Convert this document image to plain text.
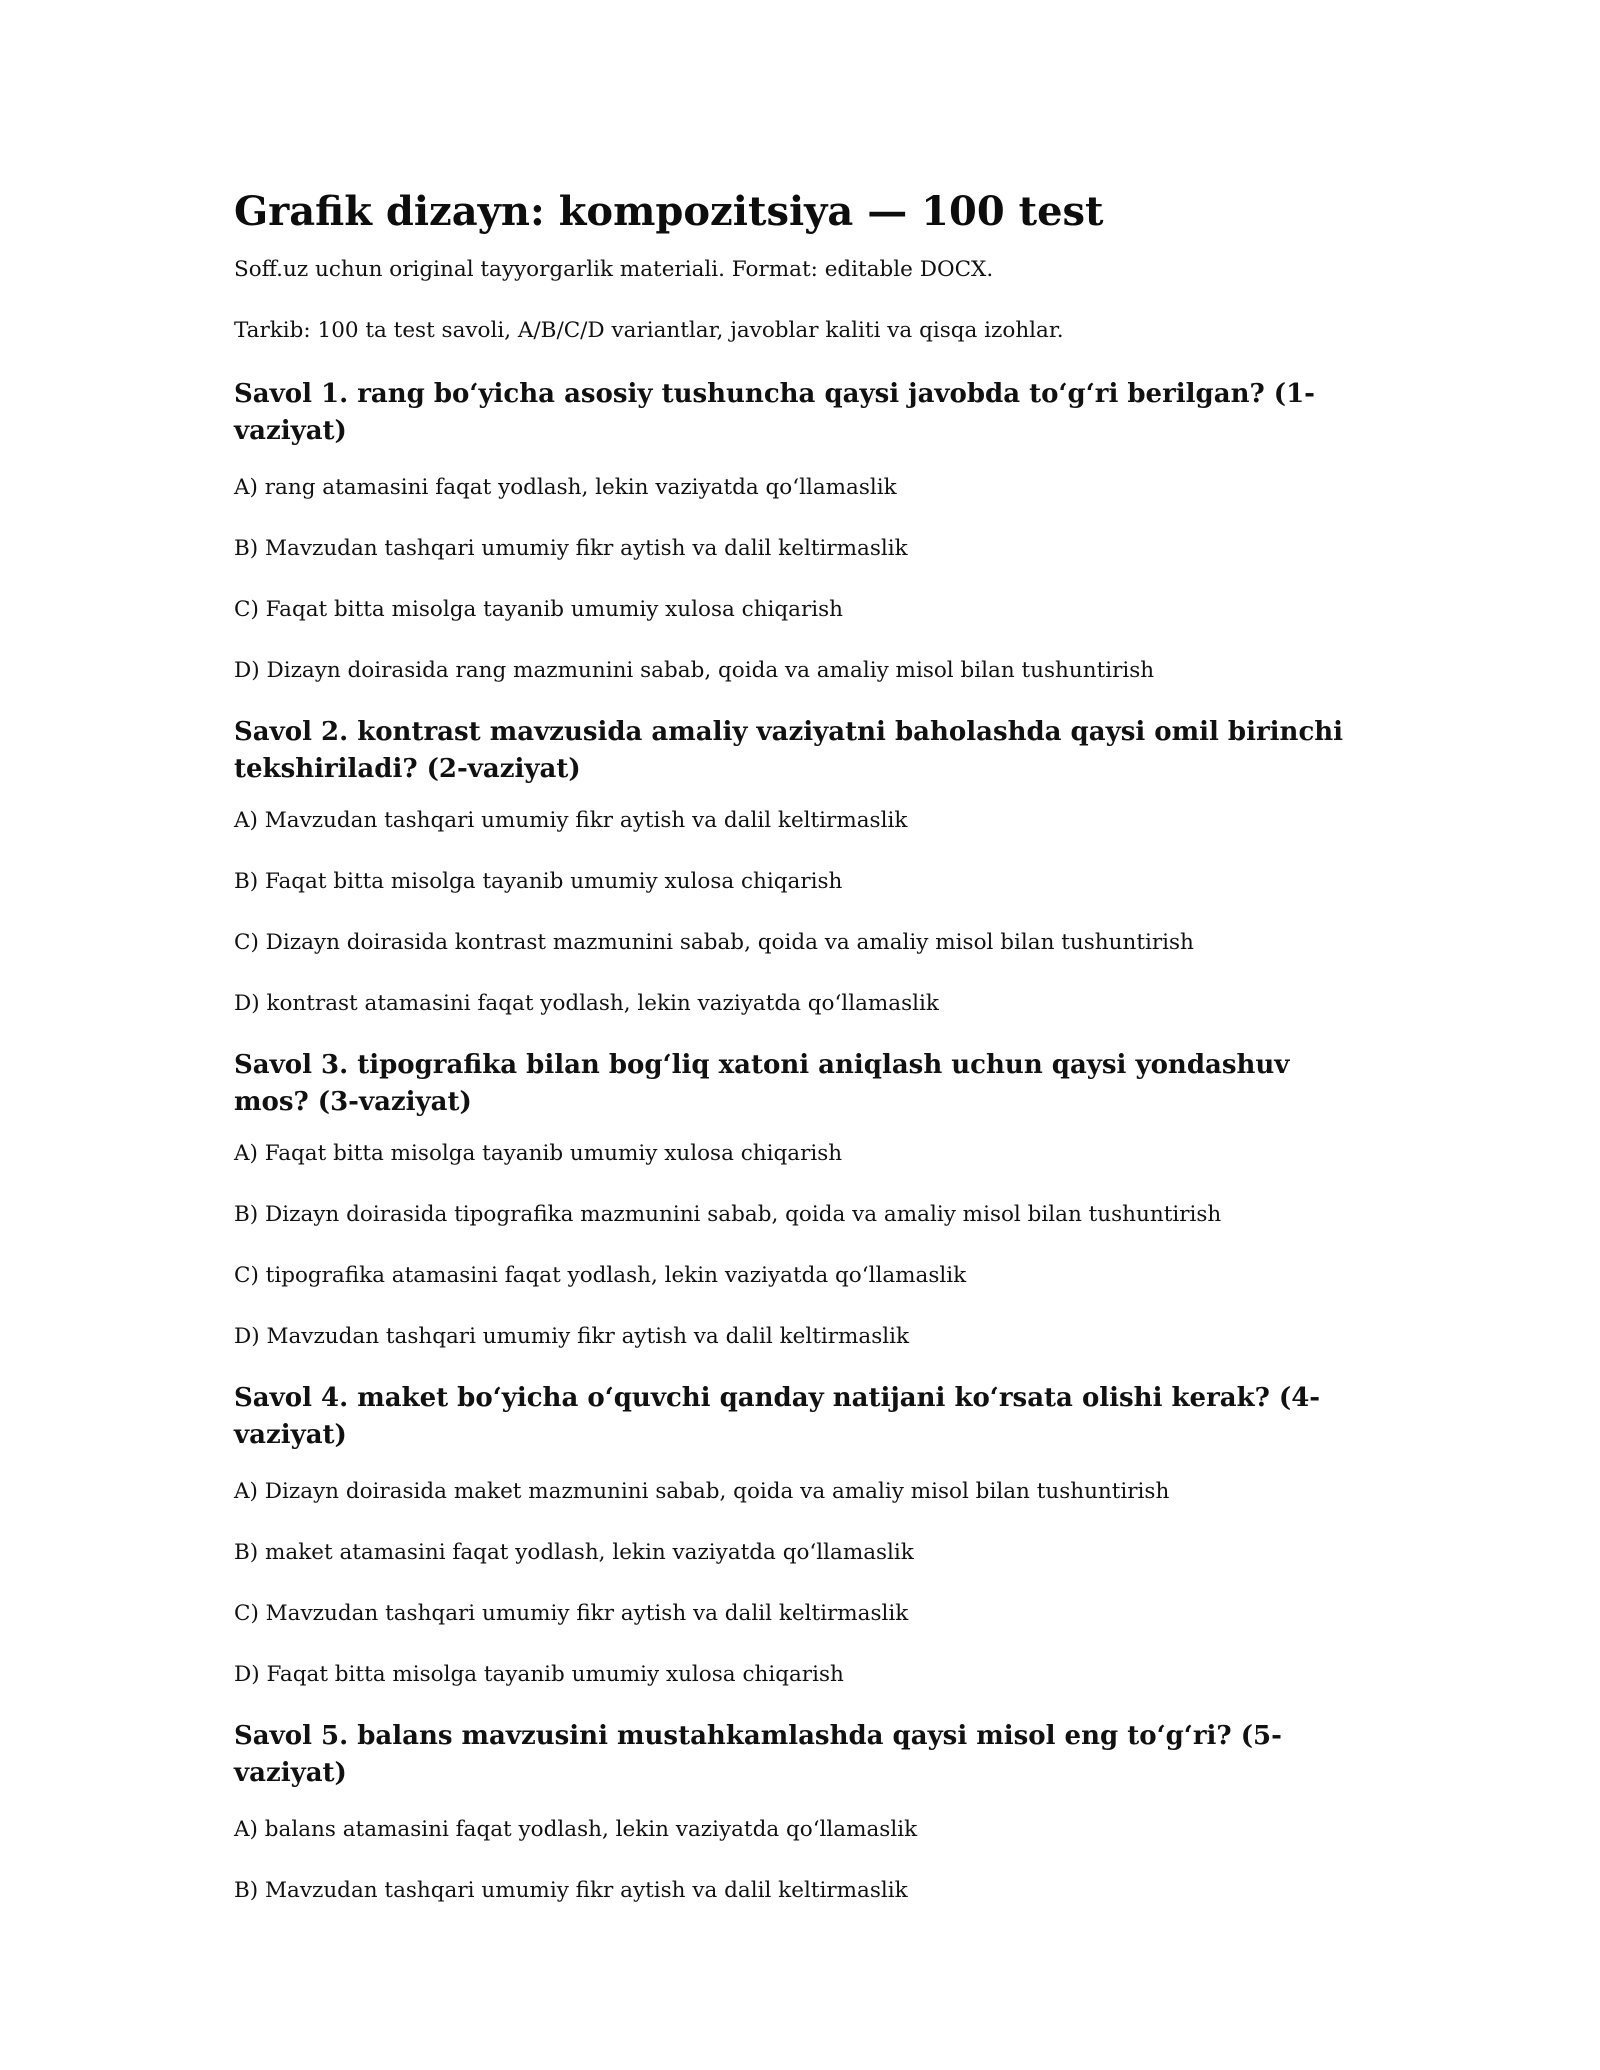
Grafik dizayn: kompozitsiya — 100 test

Soff.uz uchun original tayyorgarlik materiali. Format: editable DOCX.

Tarkib: 100 ta test savoli, A/B/C/D variantlar, javoblar kaliti va qisqa izohlar.

Savol 1. rang bo‘yicha asosiy tushuncha qaysi javobda to‘g‘ri berilgan? (1-vaziyat)

A) rang atamasini faqat yodlash, lekin vaziyatda qo‘llamaslik

B) Mavzudan tashqari umumiy fikr aytish va dalil keltirmaslik

C) Faqat bitta misolga tayanib umumiy xulosa chiqarish

D) Dizayn doirasida rang mazmunini sabab, qoida va amaliy misol bilan tushuntirish

Savol 2. kontrast mavzusida amaliy vaziyatni baholashda qaysi omil birinchi tekshiriladi? (2-vaziyat)

A) Mavzudan tashqari umumiy fikr aytish va dalil keltirmaslik

B) Faqat bitta misolga tayanib umumiy xulosa chiqarish

C) Dizayn doirasida kontrast mazmunini sabab, qoida va amaliy misol bilan tushuntirish

D) kontrast atamasini faqat yodlash, lekin vaziyatda qo‘llamaslik

Savol 3. tipografika bilan bog‘liq xatoni aniqlash uchun qaysi yondashuv mos? (3-vaziyat)

A) Faqat bitta misolga tayanib umumiy xulosa chiqarish

B) Dizayn doirasida tipografika mazmunini sabab, qoida va amaliy misol bilan tushuntirish

C) tipografika atamasini faqat yodlash, lekin vaziyatda qo‘llamaslik

D) Mavzudan tashqari umumiy fikr aytish va dalil keltirmaslik

Savol 4. maket bo‘yicha o‘quvchi qanday natijani ko‘rsata olishi kerak? (4-vaziyat)

A) Dizayn doirasida maket mazmunini sabab, qoida va amaliy misol bilan tushuntirish

B) maket atamasini faqat yodlash, lekin vaziyatda qo‘llamaslik

C) Mavzudan tashqari umumiy fikr aytish va dalil keltirmaslik

D) Faqat bitta misolga tayanib umumiy xulosa chiqarish

Savol 5. balans mavzusini mustahkamlashda qaysi misol eng to‘g‘ri? (5-vaziyat)

A) balans atamasini faqat yodlash, lekin vaziyatda qo‘llamaslik

B) Mavzudan tashqari umumiy fikr aytish va dalil keltirmaslik
